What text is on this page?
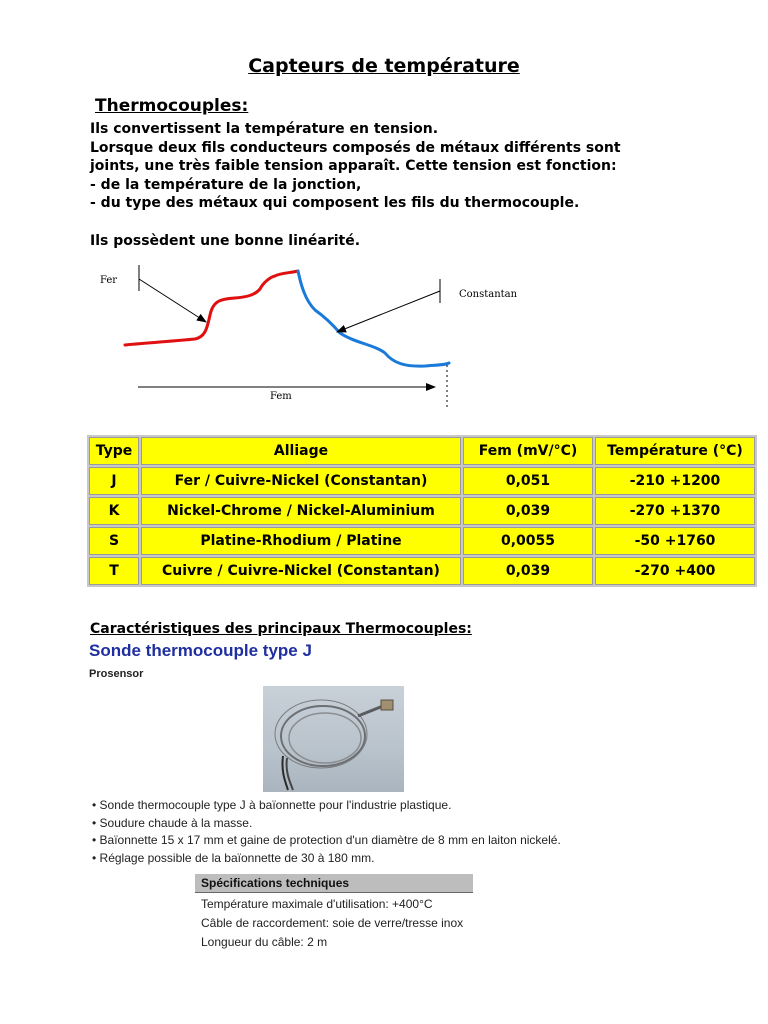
Capteurs de température
Thermocouples:
Ils convertissent la température en tension.
Lorsque deux fils conducteurs composés de métaux différents sont
joints, une très faible tension apparaît. Cette tension est fonction:
- de la température de la jonction,
- du type des métaux qui composent les fils du thermocouple.
Ils possèdent une bonne linéarité.
Fer
Constantan
Fem
Type	Alliage	Fem (mV/°C)	Température (°C)
J	Fer / Cuivre-Nickel (Constantan)	0,051	-210 +1200
K	Nickel-Chrome / Nickel-Aluminium	0,039	-270 +1370
S	Platine-Rhodium / Platine	0,0055	-50 +1760
T	Cuivre / Cuivre-Nickel (Constantan)	0,039	-270 +400
Caractéristiques des principaux Thermocouples:
Sonde thermocouple type J
Prosensor
• Sonde thermocouple type J à baïonnette pour l'industrie plastique.
• Soudure chaude à la masse.
• Baïonnette 15 x 17 mm et gaine de protection d'un diamètre de 8 mm en laiton nickelé.
• Réglage possible de la baïonnette de 30 à 180 mm.
Spécifications techniques
Température maximale d'utilisation: +400°C
Câble de raccordement: soie de verre/tresse inox
Longueur du câble: 2 m
